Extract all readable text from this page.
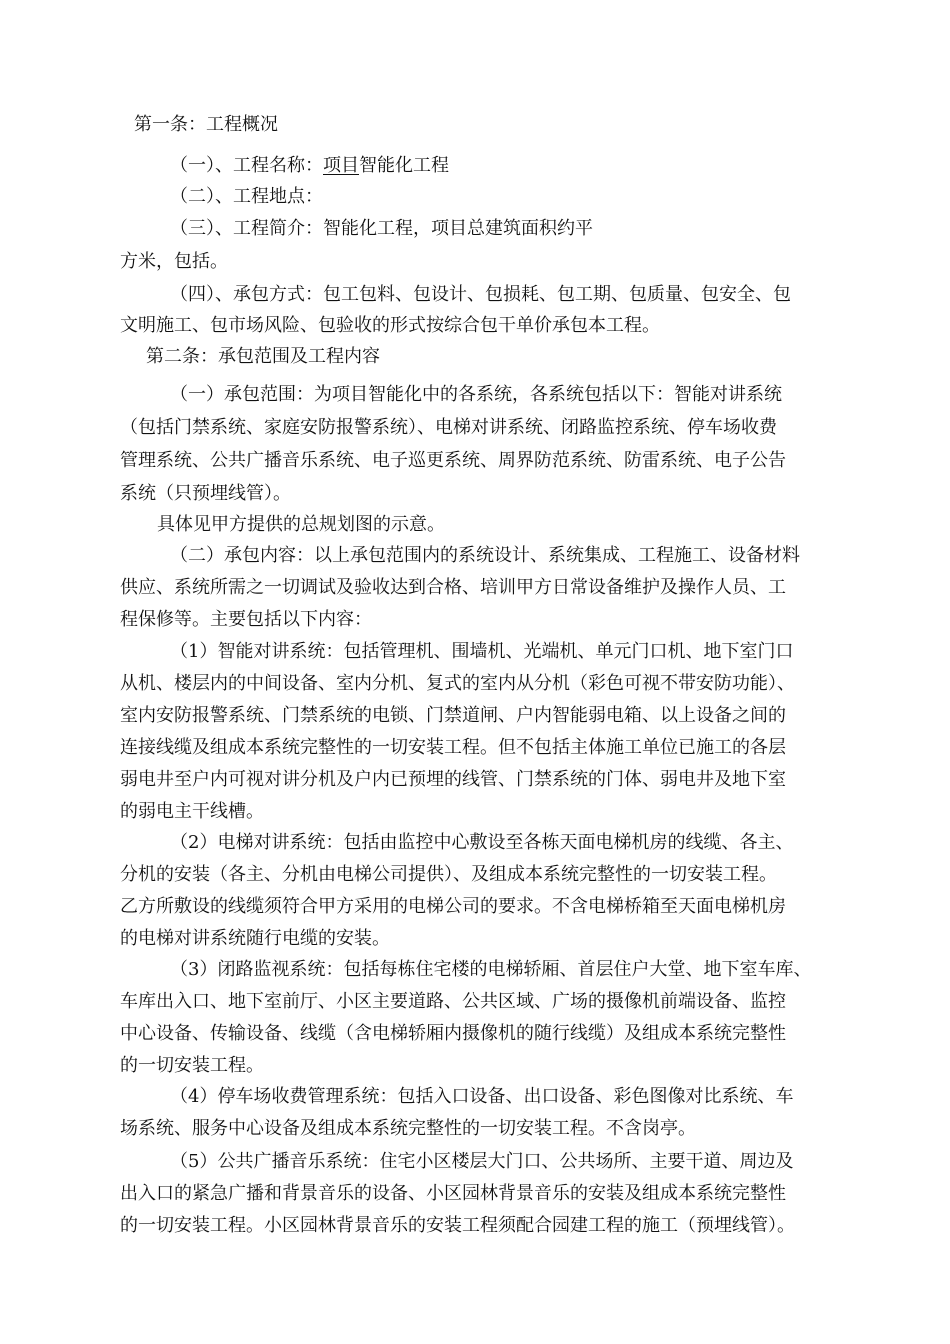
第一条：工程概况
（一）、工程名称：项目智能化工程
（二）、工程地点：
（三）、工程简介：智能化工程，项目总建筑面积约平
方米，包括。
（四）、承包方式：包工包料、包设计、包损耗、包工期、包质量、包安全、包
文明施工、包市场风险、包验收的形式按综合包干单价承包本工程。
第二条：承包范围及工程内容
（一）承包范围：为项目智能化中的各系统，各系统包括以下：智能对讲系统
（包括门禁系统、家庭安防报警系统）、电梯对讲系统、闭路监控系统、停车场收费
管理系统、公共广播音乐系统、电子巡更系统、周界防范系统、防雷系统、电子公告
系统（只预埋线管）。
具体见甲方提供的总规划图的示意。
（二）承包内容：以上承包范围内的系统设计、系统集成、工程施工、设备材料
供应、系统所需之一切调试及验收达到合格、培训甲方日常设备维护及操作人员、工
程保修等。主要包括以下内容：
（1）智能对讲系统：包括管理机、围墙机、光端机、单元门口机、地下室门口
从机、楼层内的中间设备、室内分机、复式的室内从分机（彩色可视不带安防功能）、
室内安防报警系统、门禁系统的电锁、门禁道闸、户内智能弱电箱、以上设备之间的
连接线缆及组成本系统完整性的一切安装工程。但不包括主体施工单位已施工的各层
弱电井至户内可视对讲分机及户内已预埋的线管、门禁系统的门体、弱电井及地下室
的弱电主干线槽。
（2）电梯对讲系统：包括由监控中心敷设至各栋天面电梯机房的线缆、各主、
分机的安装（各主、分机由电梯公司提供）、及组成本系统完整性的一切安装工程。
乙方所敷设的线缆须符合甲方采用的电梯公司的要求。不含电梯桥箱至天面电梯机房
的电梯对讲系统随行电缆的安装。
（3）闭路监视系统：包括每栋住宅楼的电梯轿厢、首层住户大堂、地下室车库、
车库出入口、地下室前厅、小区主要道路、公共区域、广场的摄像机前端设备、监控
中心设备、传输设备、线缆（含电梯轿厢内摄像机的随行线缆）及组成本系统完整性
的一切安装工程。
（4）停车场收费管理系统：包括入口设备、出口设备、彩色图像对比系统、车
场系统、服务中心设备及组成本系统完整性的一切安装工程。不含岗亭。
（5）公共广播音乐系统：住宅小区楼层大门口、公共场所、主要干道、周边及
出入口的紧急广播和背景音乐的设备、小区园林背景音乐的安装及组成本系统完整性
的一切安装工程。小区园林背景音乐的安装工程须配合园建工程的施工（预埋线管）。
